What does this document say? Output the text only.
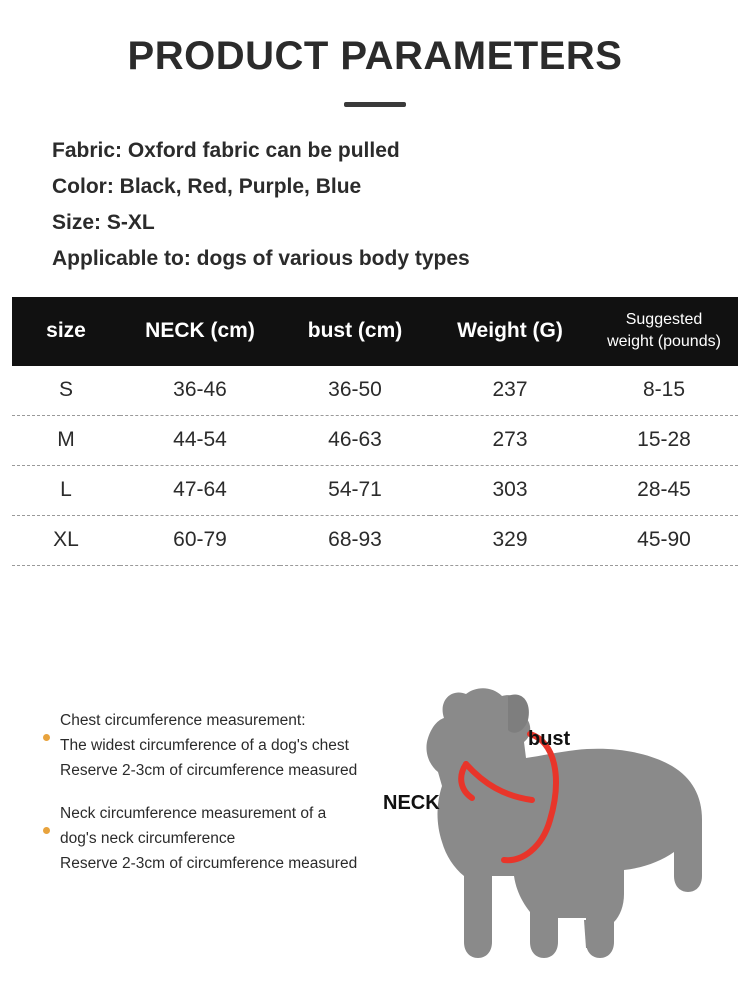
PRODUCT PARAMETERS
Fabric: Oxford fabric can be pulled
Color: Black, Red, Purple, Blue
Size: S-XL
Applicable to: dogs of various body types
size	NECK (cm)	bust (cm)	Weight (G)	Suggested
weight (pounds)
S	36-46	36-50	237	8-15
M	44-54	46-63	273	15-28
L	47-64	54-71	303	28-45
XL	60-79	68-93	329	45-90
Chest circumference measurement:
The widest circumference of a dog's chest
Reserve 2-3cm of circumference measured
Neck circumference measurement of a
dog's neck circumference
Reserve 2-3cm of circumference measured
bust
NECK
